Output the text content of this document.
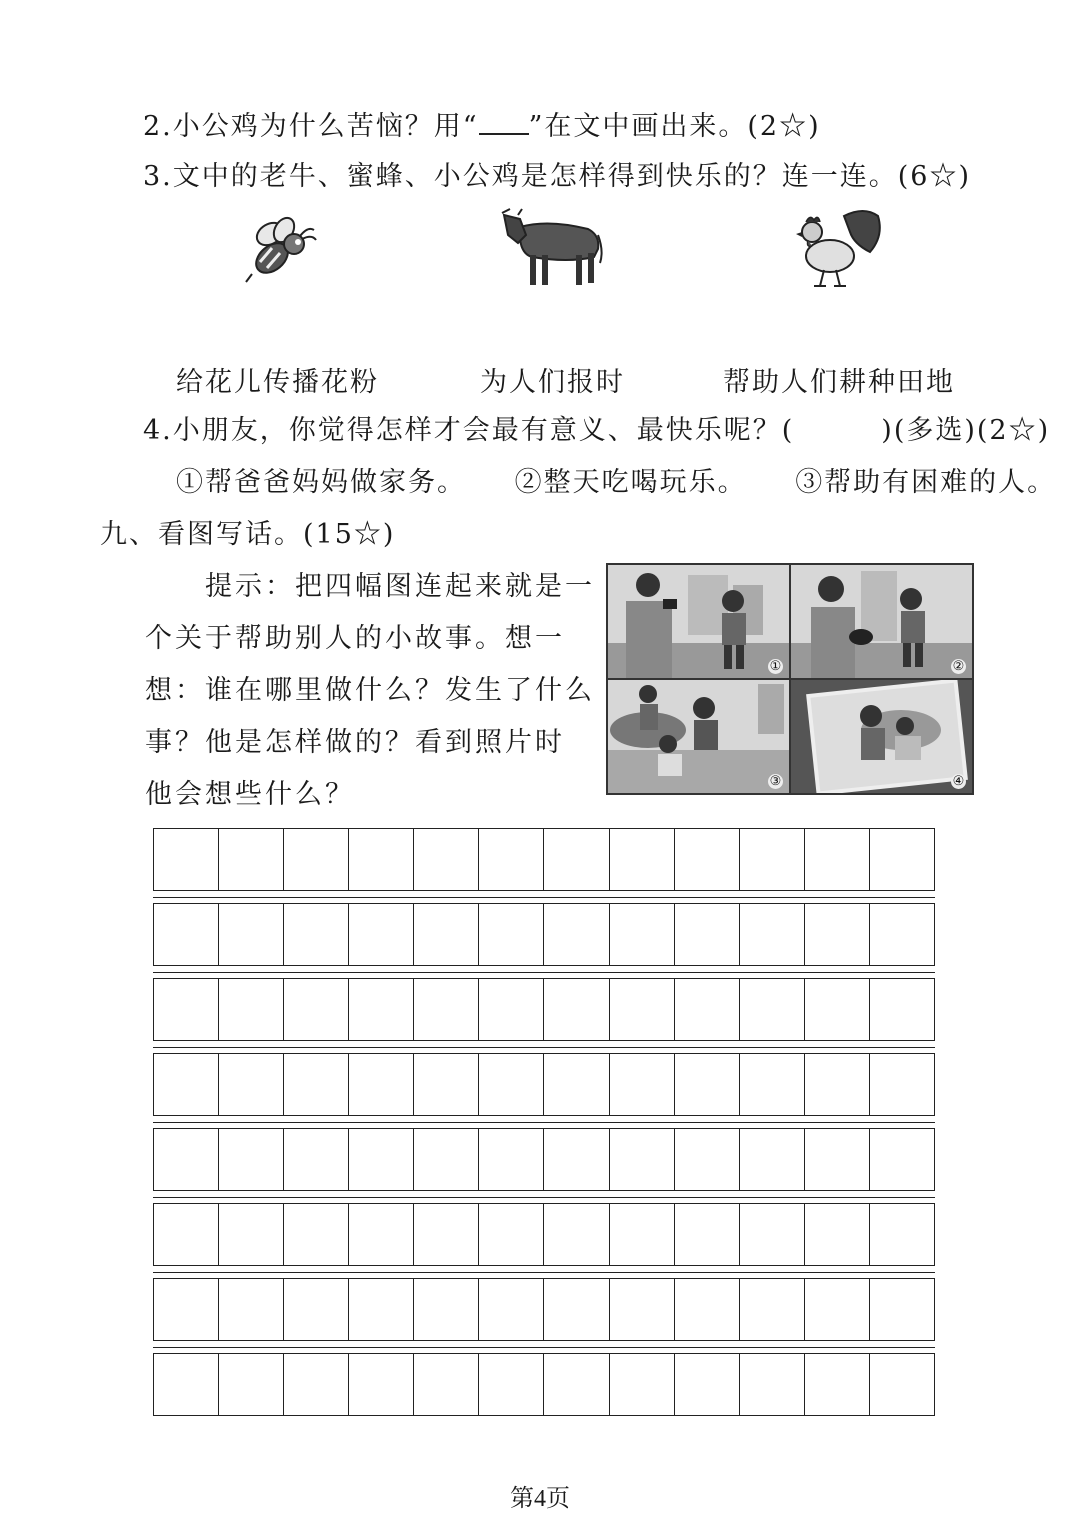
2.小公鸡为什么苦恼？用“ ”在文中画出来。(2☆)
3.文中的老牛、蜜蜂、小公鸡是怎样得到快乐的？连一连。(6☆)
给花儿传播花粉	为人们报时	帮助人们耕种田地
4.小朋友，你觉得怎样才会最有意义、最快乐呢？(　　　)(多选)(2☆)
①帮爸爸妈妈做家务。 ②整天吃喝玩乐。 ③帮助有困难的人。
九、看图写话。(15☆)
提示：把四幅图连起来就是一
个关于帮助别人的小故事。想一
想：谁在哪里做什么？发生了什么
事？他是怎样做的？看到照片时
他会想些什么？
①	②
③	④
第4页
